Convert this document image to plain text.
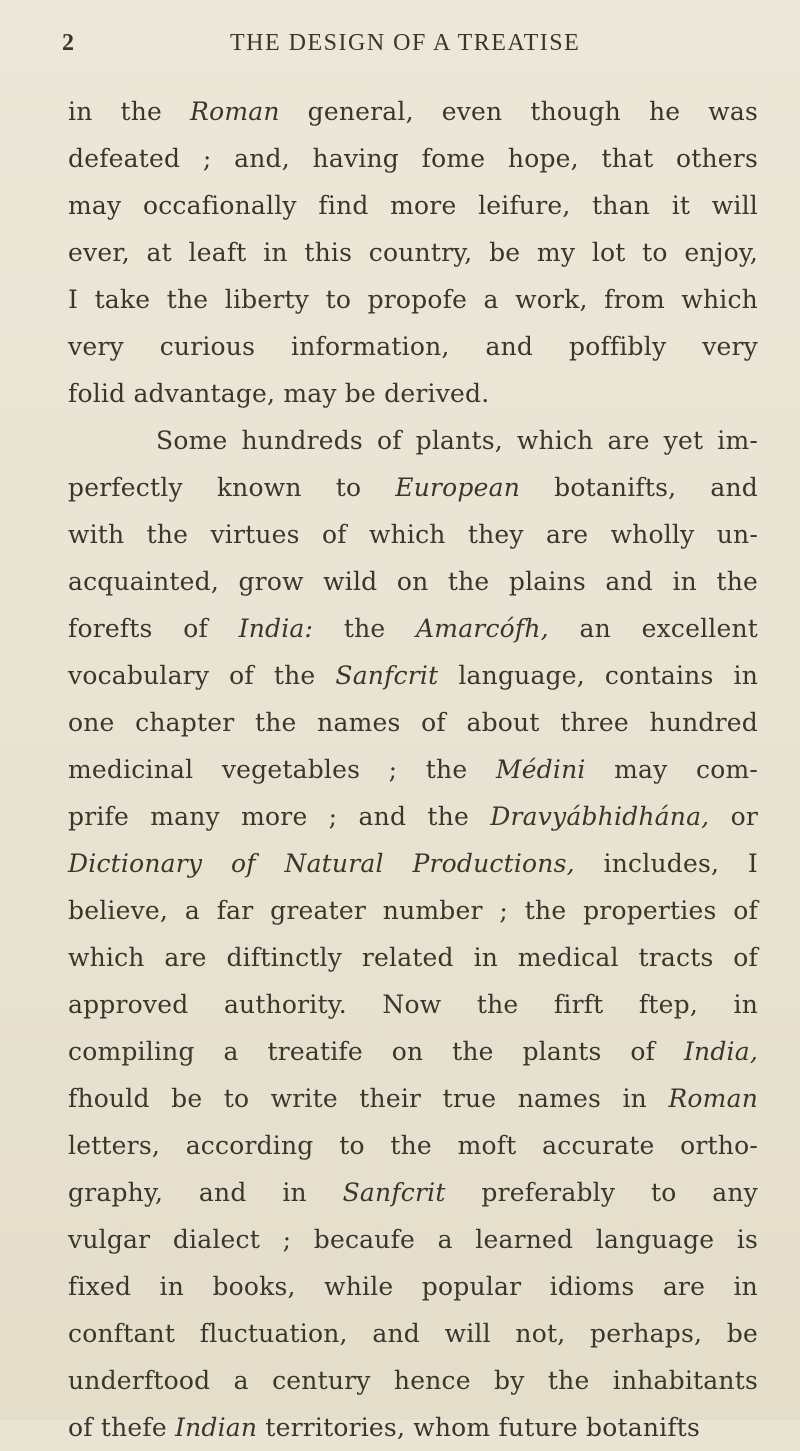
2	THE DESIGN OF A TREATISE
in the Roman general, even though he was
defeated ; and, having fome hope, that others
may occafionally find more leifure, than it will
ever, at leaft in this country, be my lot to enjoy,
I take the liberty to propofe a work, from which
very curious information, and poffibly very
folid advantage, may be derived.
Some hundreds of plants, which are yet im-
perfectly known to European botanifts, and
with the virtues of which they are wholly un-
acquainted, grow wild on the plains and in the
forefts of India: the Amarcófh, an excellent
vocabulary of the Sanfcrit language, contains in
one chapter the names of about three hundred
medicinal vegetables ; the Médini may com-
prife many more ; and the Dravyábhidhána, or
Dictionary of Natural Productions, includes, I
believe, a far greater number ; the properties of
which are diftinctly related in medical tracts of
approved authority. Now the firft ftep, in
compiling a treatife on the plants of India,
fhould be to write their true names in Roman
letters, according to the moft accurate ortho-
graphy, and in Sanfcrit preferably to any
vulgar dialect ; becaufe a learned language is
fixed in books, while popular idioms are in
conftant fluctuation, and will not, perhaps, be
underftood a century hence by the inhabitants
of thefe Indian territories, whom future botanifts
